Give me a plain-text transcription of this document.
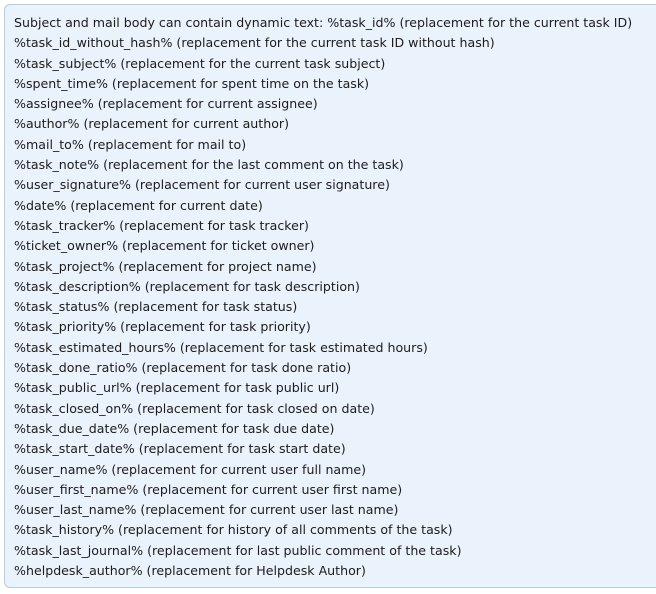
Subject and mail body can contain dynamic text: %task_id% (replacement for the current task ID)
%task_id_without_hash% (replacement for the current task ID without hash)
%task_subject% (replacement for the current task subject)
%spent_time% (replacement for spent time on the task)
%assignee% (replacement for current assignee)
%author% (replacement for current author)
%mail_to% (replacement for mail to)
%task_note% (replacement for the last comment on the task)
%user_signature% (replacement for current user signature)
%date% (replacement for current date)
%task_tracker% (replacement for task tracker)
%ticket_owner% (replacement for ticket owner)
%task_project% (replacement for project name)
%task_description% (replacement for task description)
%task_status% (replacement for task status)
%task_priority% (replacement for task priority)
%task_estimated_hours% (replacement for task estimated hours)
%task_done_ratio% (replacement for task done ratio)
%task_public_url% (replacement for task public url)
%task_closed_on% (replacement for task closed on date)
%task_due_date% (replacement for task due date)
%task_start_date% (replacement for task start date)
%user_name% (replacement for current user full name)
%user_first_name% (replacement for current user first name)
%user_last_name% (replacement for current user last name)
%task_history% (replacement for history of all comments of the task)
%task_last_journal% (replacement for last public comment of the task)
%helpdesk_author% (replacement for Helpdesk Author)
